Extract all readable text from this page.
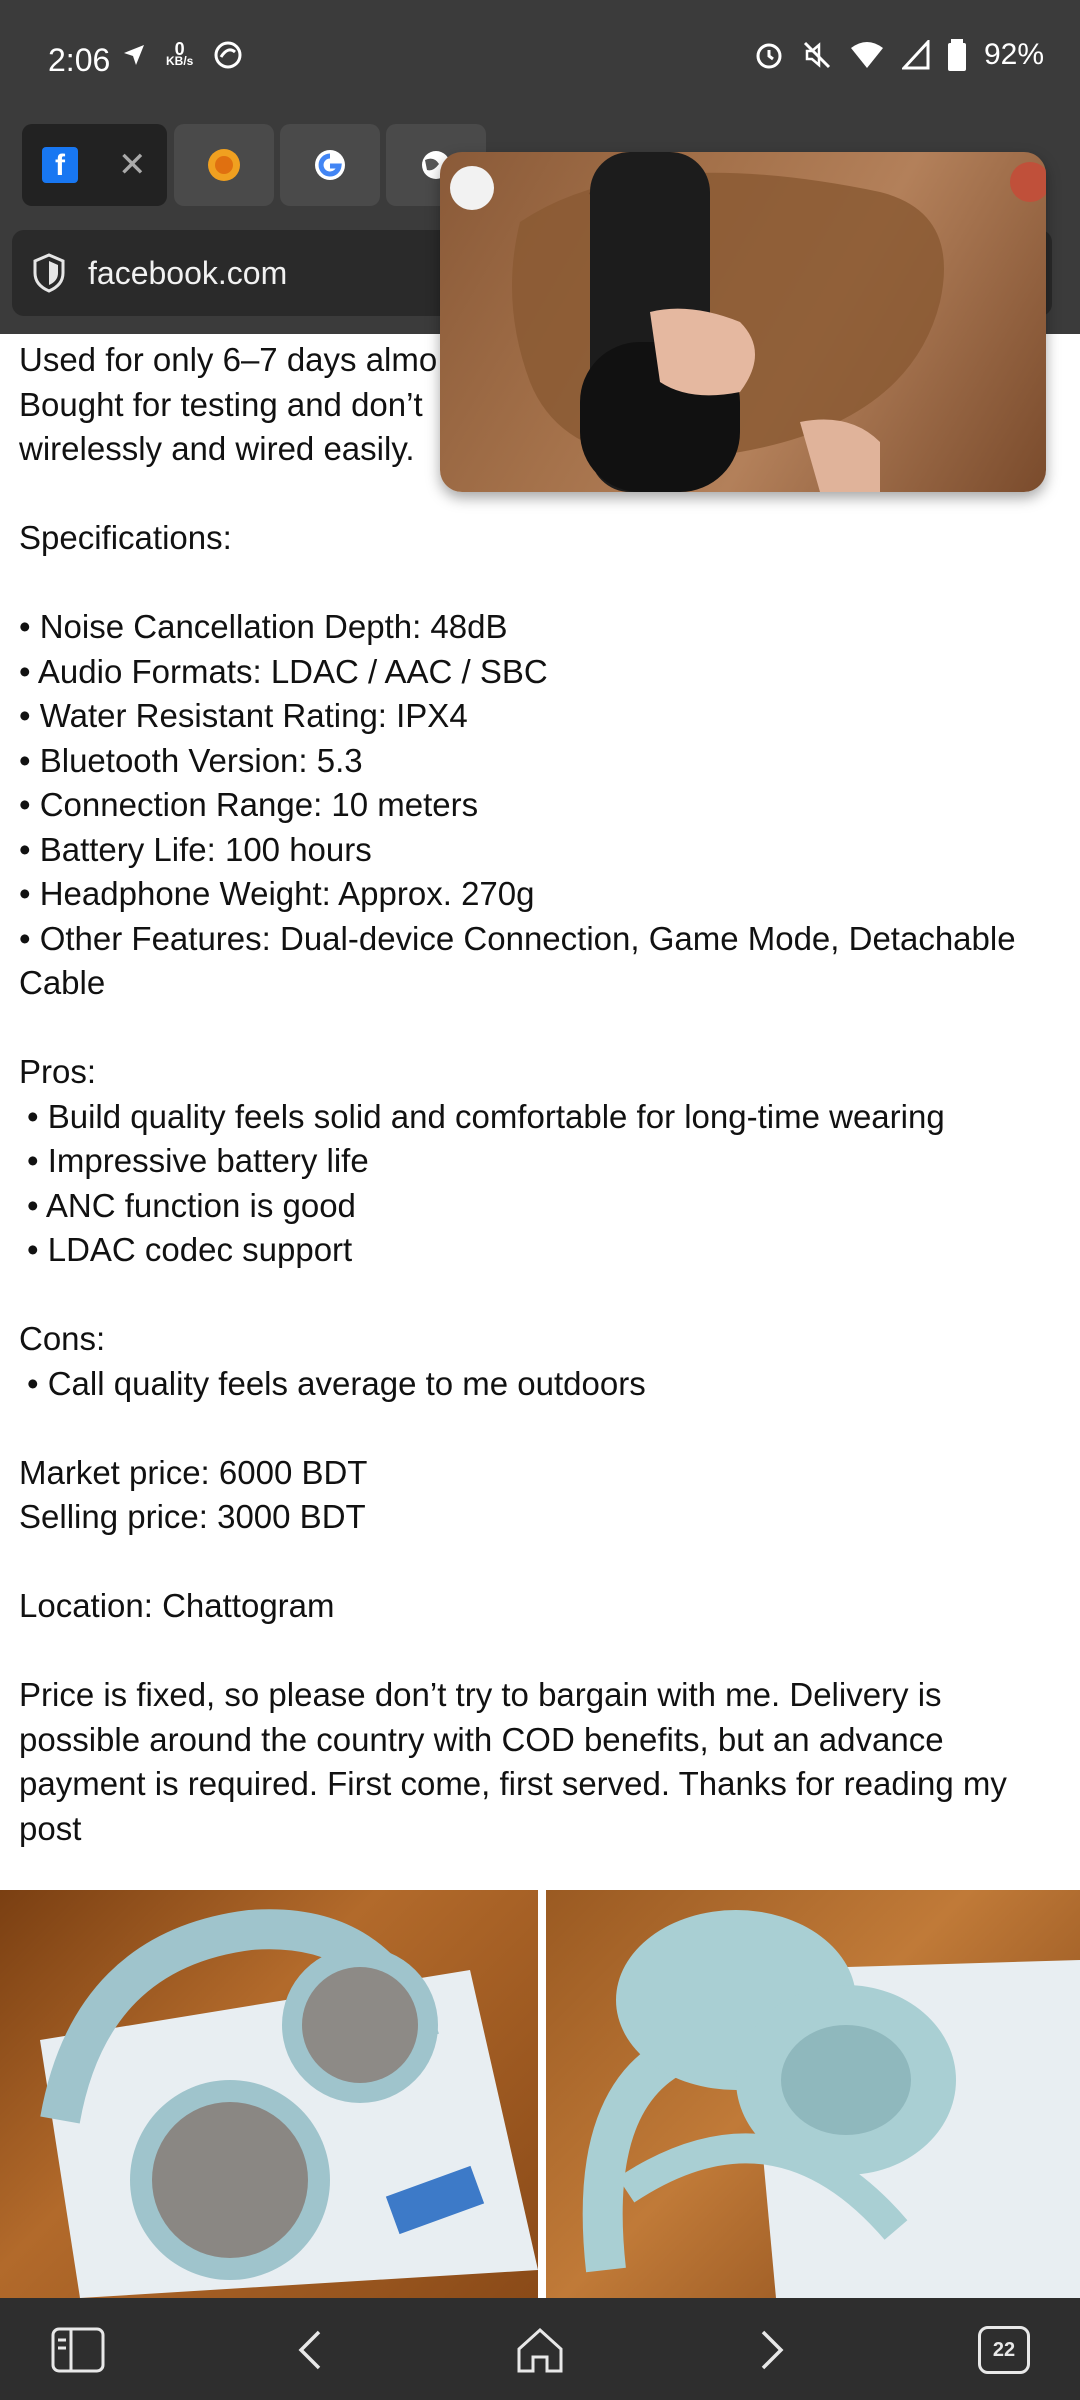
2:06	0
KB/s	92%
f	✕
facebook.com

Used for only 6–7 days almo

Bought for testing and don’t

wirelessly and wired easily.

Specifications:

• Noise Cancellation Depth: 48dB

• Audio Formats: LDAC / AAC / SBC

• Water Resistant Rating: IPX4

• Bluetooth Version: 5.3

• Connection Range: 10 meters

• Battery Life: 100 hours

• Headphone Weight: Approx. 270g

• Other Features: Dual-device Connection, Game Mode, Detachable Cable

Pros:

• Build quality feels solid and comfortable for long-time wearing

• Impressive battery life

• ANC function is good

• LDAC codec support

Cons:

• Call quality feels average to me outdoors

Market price: 6000 BDT

Selling price: 3000 BDT

Location: Chattogram

Price is fixed, so please don’t try to bargain with me. Delivery is possible around the country with COD benefits, but an advance payment is required. First come, first served. Thanks for reading my post

22
